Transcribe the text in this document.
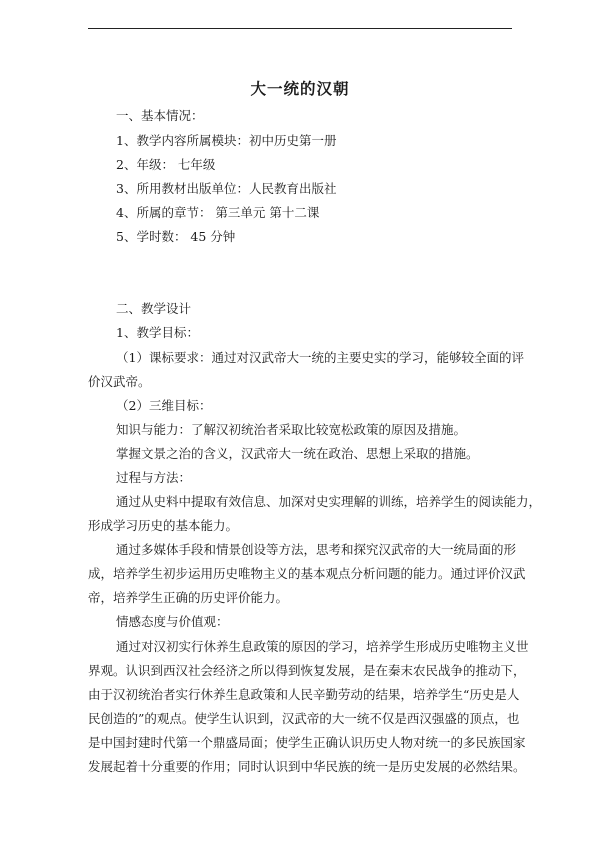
大一统的汉朝
一、基本情况：
1、教学内容所属模块：初中历史第一册
2、年级： 七年级
3、所用教材出版单位：人民教育出版社
4、所属的章节： 第三单元 第十二课
5、学时数： 45 分钟
二、教学设计
1、教学目标：
（1）课标要求：通过对汉武帝大一统的主要史实的学习，能够较全面的评
价汉武帝。
（2）三维目标：
知识与能力：了解汉初统治者采取比较宽松政策的原因及措施。
掌握文景之治的含义，汉武帝大一统在政治、思想上采取的措施。
过程与方法：
通过从史料中提取有效信息、加深对史实理解的训练，培养学生的阅读能力，
形成学习历史的基本能力。
通过多媒体手段和情景创设等方法，思考和探究汉武帝的大一统局面的形
成，培养学生初步运用历史唯物主义的基本观点分析问题的能力。通过评价汉武
帝，培养学生正确的历史评价能力。
情感态度与价值观：
通过对汉初实行休养生息政策的原因的学习，培养学生形成历史唯物主义世
界观。认识到西汉社会经济之所以得到恢复发展，是在秦末农民战争的推动下，
由于汉初统治者实行休养生息政策和人民辛勤劳动的结果，培养学生“历史是人
民创造的”的观点。使学生认识到，汉武帝的大一统不仅是西汉强盛的顶点，也
是中国封建时代第一个鼎盛局面；使学生正确认识历史人物对统一的多民族国家
发展起着十分重要的作用；同时认识到中华民族的统一是历史发展的必然结果。
